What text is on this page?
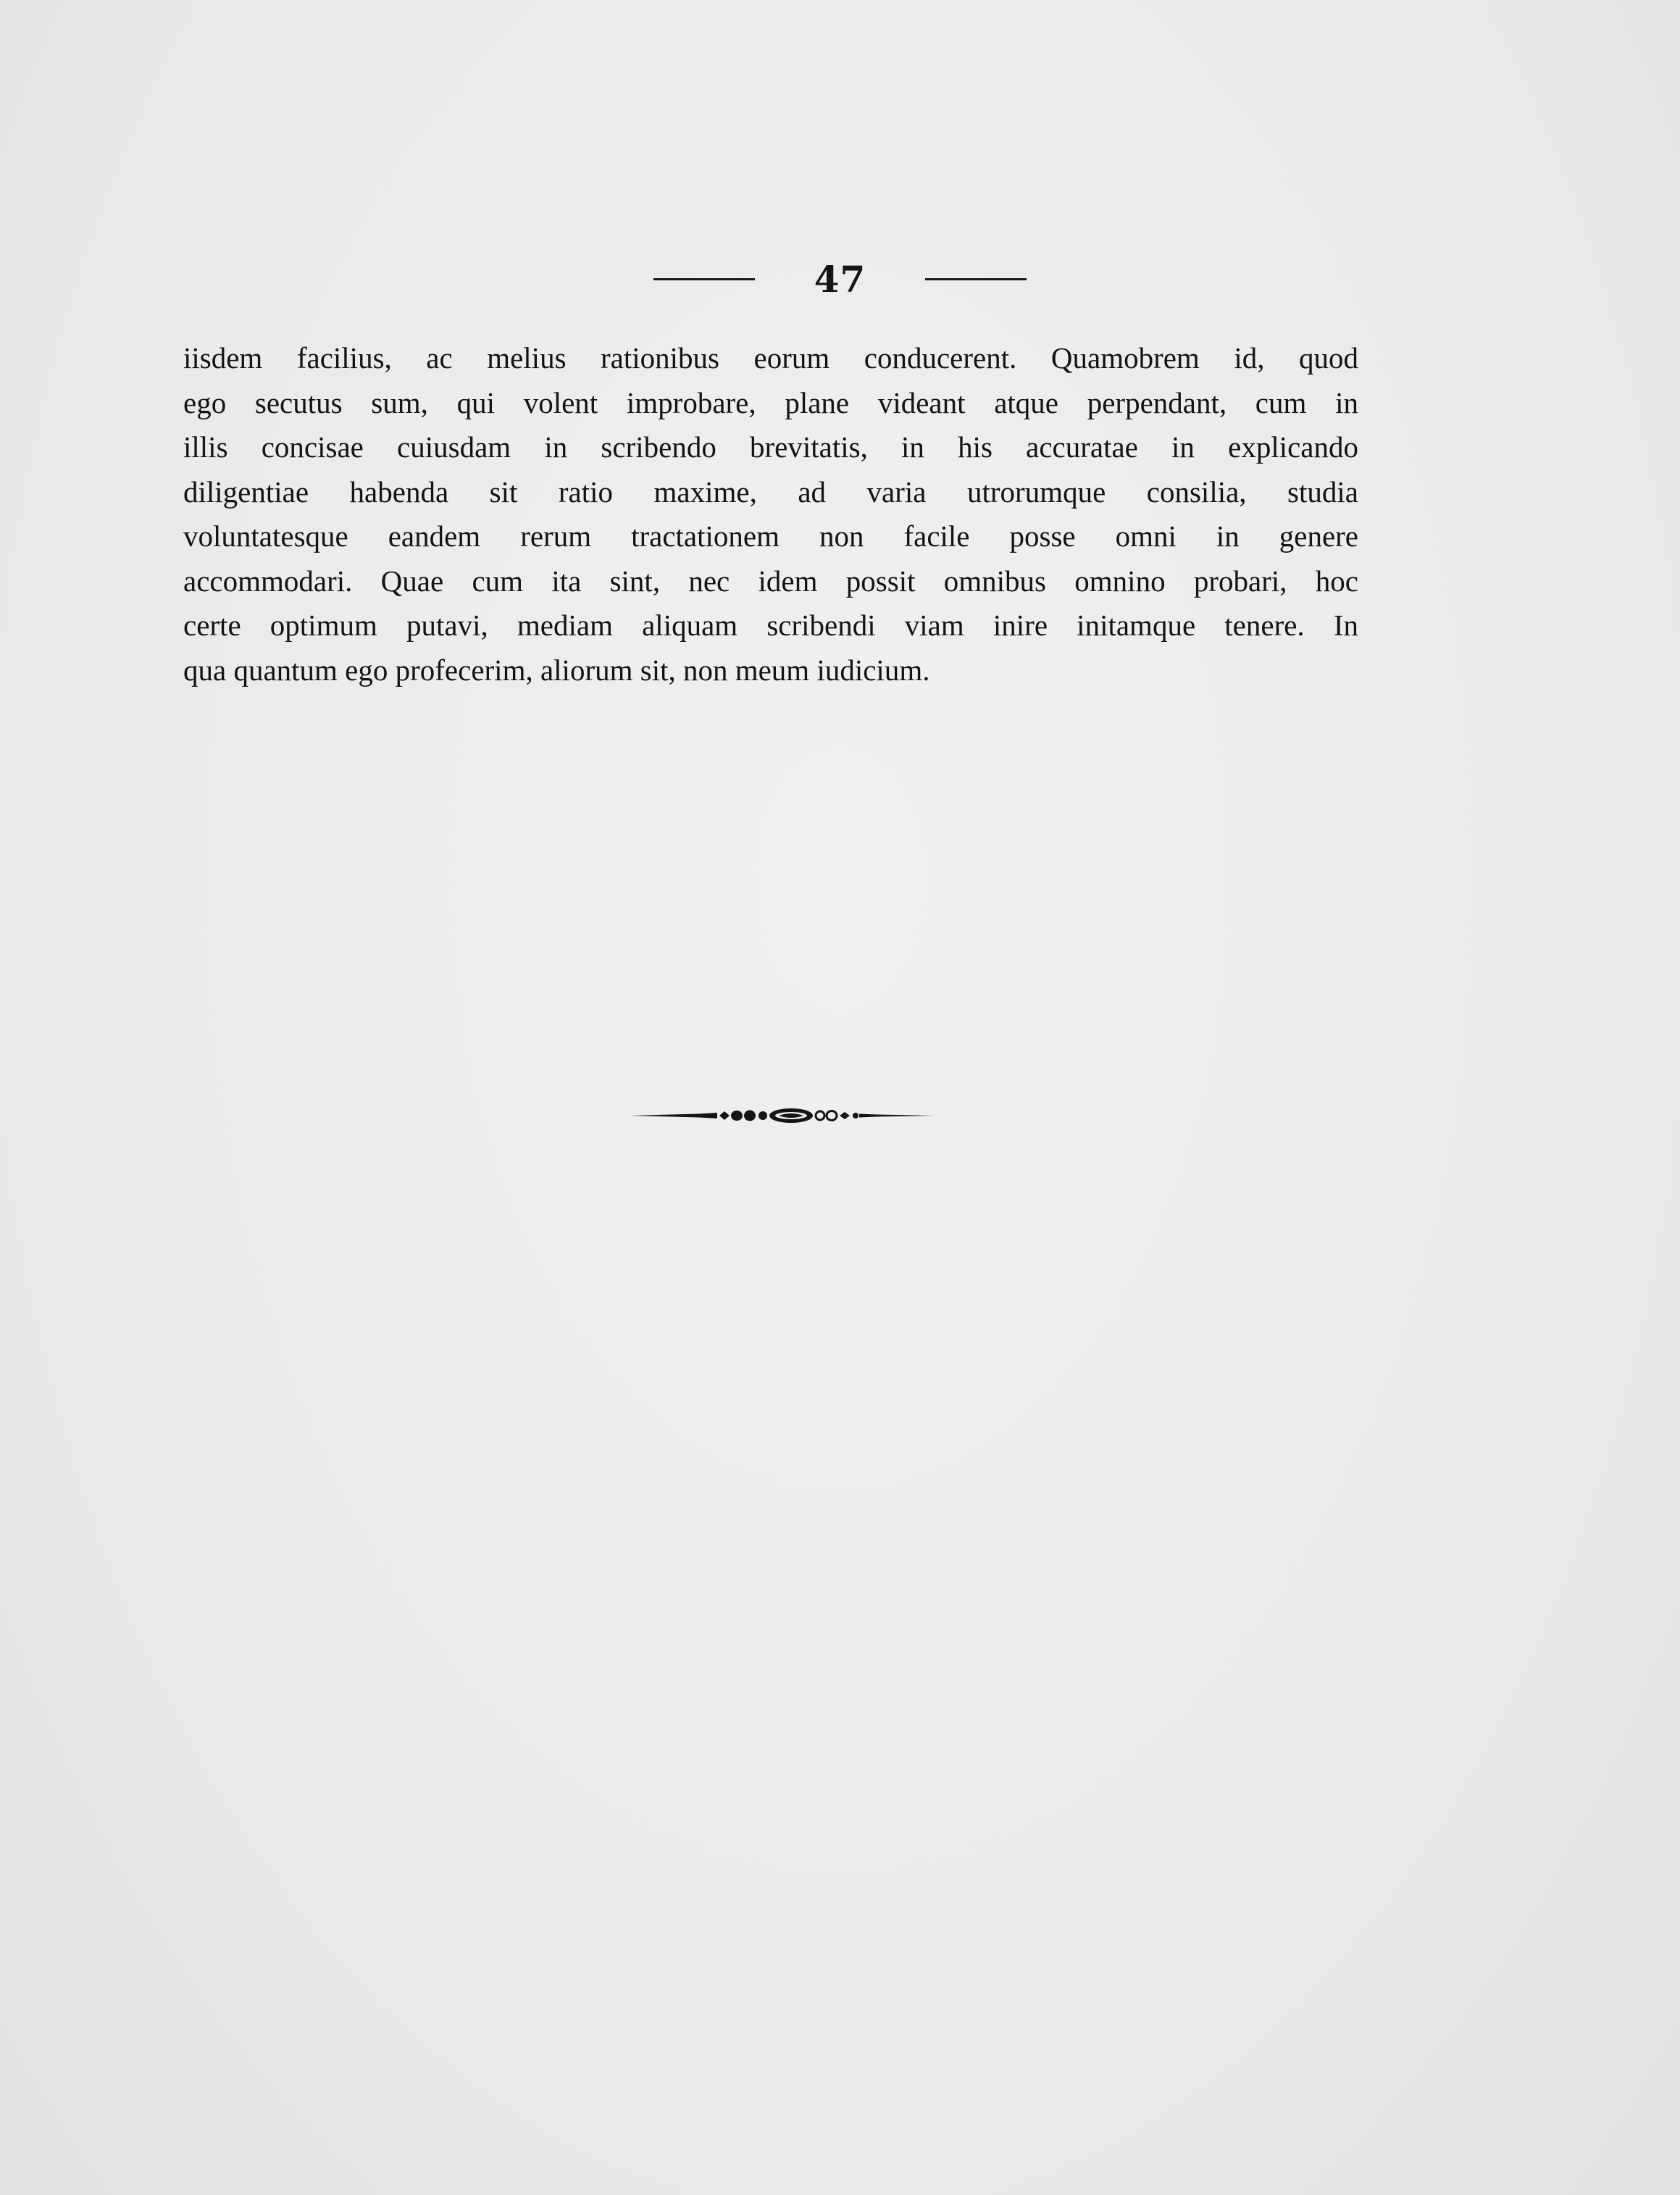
47
iisdem facilius, ac melius rationibus eorum conducerent. Quamobrem id, quod
ego secutus sum, qui volent improbare, plane videant atque perpendant, cum in
illis concisae cuiusdam in scribendo brevitatis, in his accuratae in explicando
diligentiae habenda sit ratio maxime, ad varia utrorumque consilia, studia
voluntatesque eandem rerum tractationem non facile posse omni in genere
accommodari. Quae cum ita sint, nec idem possit omnibus omnino probari, hoc
certe optimum putavi, mediam aliquam scribendi viam inire initamque tenere. In
qua quantum ego profecerim, aliorum sit, non meum iudicium.
